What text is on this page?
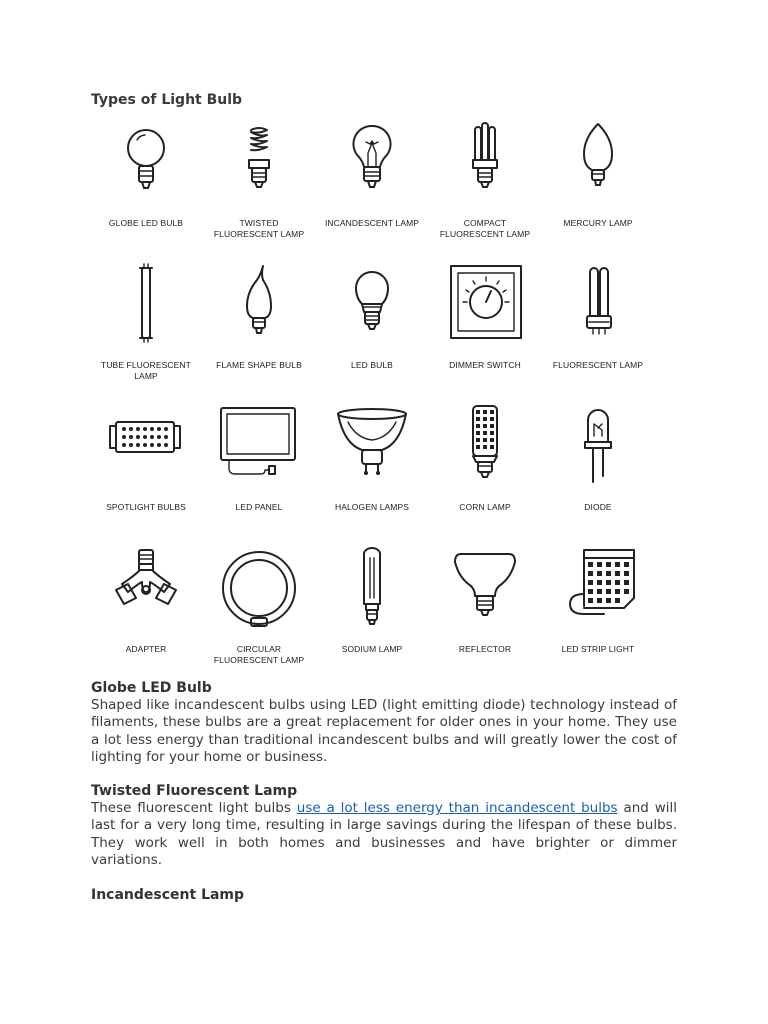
Types of Light Bulb
GLOBE LED BULB	TWISTED
FLUORESCENT LAMP
INCANDESCENT LAMP	COMPACT
FLUORESCENT LAMP
MERCURY LAMP
TUBE FLUORESCENT
LAMP
FLAME SHAPE BULB	LED BULB	DIMMER SWITCH	FLUORESCENT LAMP
SPOTLIGHT BULBS	LED PANEL	HALOGEN LAMPS	CORN LAMP	DIODE
ADAPTER	CIRCULAR
FLUORESCENT LAMP
SODIUM LAMP	REFLECTOR	LED STRIP LIGHT
Globe LED Bulb

Shaped like incandescent bulbs using LED (light emitting diode) technology instead of filaments, these bulbs are a great replacement for older ones in your home. They use a lot less energy than traditional incandescent bulbs and will greatly lower the cost of lighting for your home or business.

Twisted Fluorescent Lamp

These fluorescent light bulbs use a lot less energy than incandescent bulbs and will last for a very long time, resulting in large savings during the lifespan of these bulbs. They work well in both homes and businesses and have brighter or dimmer variations.

Incandescent Lamp
